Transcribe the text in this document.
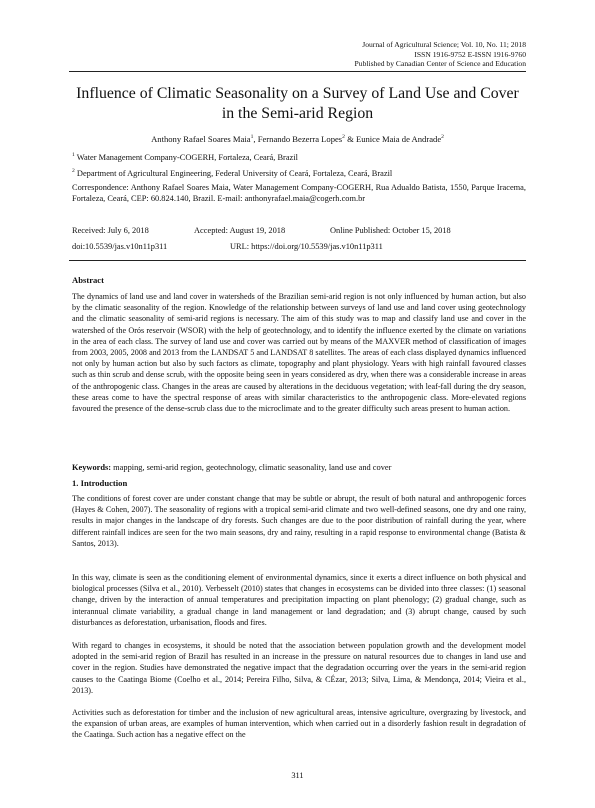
Journal of Agricultural Science; Vol. 10, No. 11; 2018
ISSN 1916-9752 E-ISSN 1916-9760
Published by Canadian Center of Science and Education
Influence of Climatic Seasonality on a Survey of Land Use and Cover in the Semi-arid Region
Anthony Rafael Soares Maia$^1$, Fernando Bezerra Lopes$^2$ & Eunice Maia de Andrade$^2$
$^1$ Water Management Company-COGERH, Fortaleza, Ceará, Brazil
$^2$ Department of Agricultural Engineering, Federal University of Ceará, Fortaleza, Ceará, Brazil
Correspondence: Anthony Rafael Soares Maia, Water Management Company-COGERH, Rua Adualdo Batista, 1550, Parque Iracema, Fortaleza, Ceará, CEP: 60.824.140, Brazil. E-mail: anthonyrafael.maia@cogerh.com.br
Received: July 6, 2018	Accepted: August 19, 2018	Online Published: October 15, 2018
doi:10.5539/jas.v10n11p311	URL: https://doi.org/10.5539/jas.v10n11p311
Abstract
The dynamics of land use and land cover in watersheds of the Brazilian semi-arid region is not only influenced by human action, but also by the climatic seasonality of the region. Knowledge of the relationship between surveys of land use and land cover using geotechnology and the climatic seasonality of semi-arid regions is necessary. The aim of this study was to map and classify land use and cover in the watershed of the Orós reservoir (WSOR) with the help of geotechnology, and to identify the influence exerted by the climate on variations in the area of each class. The survey of land use and cover was carried out by means of the MAXVER method of classification of images from 2003, 2005, 2008 and 2013 from the LANDSAT 5 and LANDSAT 8 satellites. The areas of each class displayed dynamics influenced not only by human action but also by such factors as climate, topography and plant physiology. Years with high rainfall favoured classes such as thin scrub and dense scrub, with the opposite being seen in years considered as dry, when there was a considerable increase in areas of the anthropogenic class. Changes in the areas are caused by alterations in the deciduous vegetation; with leaf-fall during the dry season, these areas come to have the spectral response of areas with similar characteristics to the anthropogenic class. More-elevated regions favoured the presence of the dense-scrub class due to the microclimate and to the greater difficulty such areas present to human action.
Keywords: mapping, semi-arid region, geotechnology, climatic seasonality, land use and cover
1. Introduction
The conditions of forest cover are under constant change that may be subtle or abrupt, the result of both natural and anthropogenic forces (Hayes & Cohen, 2007). The seasonality of regions with a tropical semi-arid climate and two well-defined seasons, one dry and one rainy, results in major changes in the landscape of dry forests. Such changes are due to the poor distribution of rainfall during the year, where different rainfall indices are seen for the two main seasons, dry and rainy, resulting in a rapid response to environmental change (Batista & Santos, 2013).
In this way, climate is seen as the conditioning element of environmental dynamics, since it exerts a direct influence on both physical and biological processes (Silva et al., 2010). Verbesselt (2010) states that changes in ecosystems can be divided into three classes: (1) seasonal change, driven by the interaction of annual temperatures and precipitation impacting on plant phenology; (2) gradual change, such as interannual climate variability, a gradual change in land management or land degradation; and (3) abrupt change, caused by such disturbances as deforestation, urbanisation, floods and fires.
With regard to changes in ecosystems, it should be noted that the association between population growth and the development model adopted in the semi-arid region of Brazil has resulted in an increase in the pressure on natural resources due to changes in land use and cover in the region. Studies have demonstrated the negative impact that the degradation occurring over the years in the semi-arid region causes to the Caatinga Biome (Coelho et al., 2014; Pereira Filho, Silva, & CÉzar, 2013; Silva, Lima, & Mendonça, 2014; Vieira et al., 2013).
Activities such as deforestation for timber and the inclusion of new agricultural areas, intensive agriculture, overgrazing by livestock, and the expansion of urban areas, are examples of human intervention, which when carried out in a disorderly fashion result in degradation of the Caatinga. Such action has a negative effect on the
311
